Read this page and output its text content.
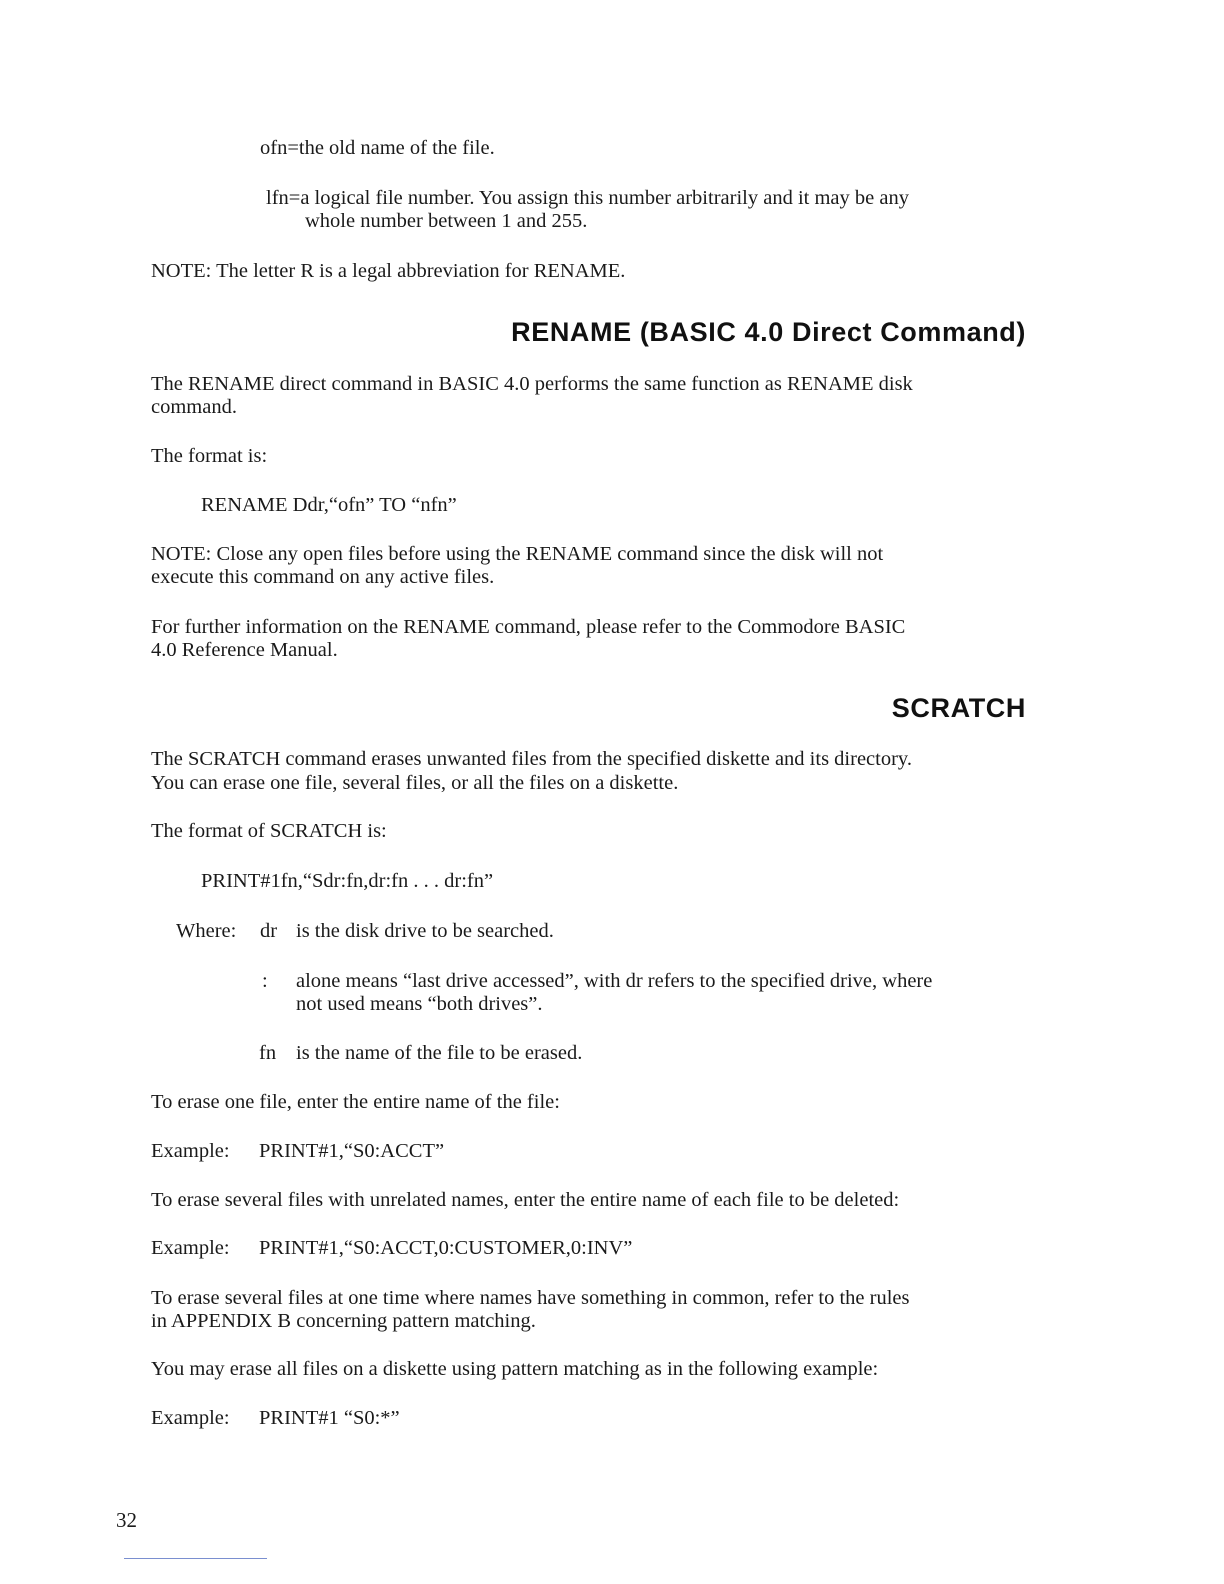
ofn=the old name of the file.
lfn=a logical file number. You assign this number arbitrarily and it may be any
whole number between 1 and 255.
NOTE: The letter R is a legal abbreviation for RENAME.
RENAME (BASIC 4.0 Direct Command)
The RENAME direct command in BASIC 4.0 performs the same function as RENAME disk
command.
The format is:
RENAME Ddr,“ofn” TO “nfn”
NOTE: Close any open files before using the RENAME command since the disk will not
execute this command on any active files.
For further information on the RENAME command, please refer to the Commodore BASIC
4.0 Reference Manual.
SCRATCH
The SCRATCH command erases unwanted files from the specified diskette and its directory.
You can erase one file, several files, or all the files on a diskette.
The format of SCRATCH is:
PRINT#1fn,“Sdr:fn,dr:fn . . . dr:fn”
Where: dr is the disk drive to be searched.
: alone means “last drive accessed”, with dr refers to the specified drive, where
not used means “both drives”.
fn is the name of the file to be erased.
To erase one file, enter the entire name of the file:
Example: PRINT#1,“S0:ACCT”
To erase several files with unrelated names, enter the entire name of each file to be deleted:
Example: PRINT#1,“S0:ACCT,0:CUSTOMER,0:INV”
To erase several files at one time where names have something in common, refer to the rules
in APPENDIX B concerning pattern matching.
You may erase all files on a diskette using pattern matching as in the following example:
Example: PRINT#1 “S0:*”
32
